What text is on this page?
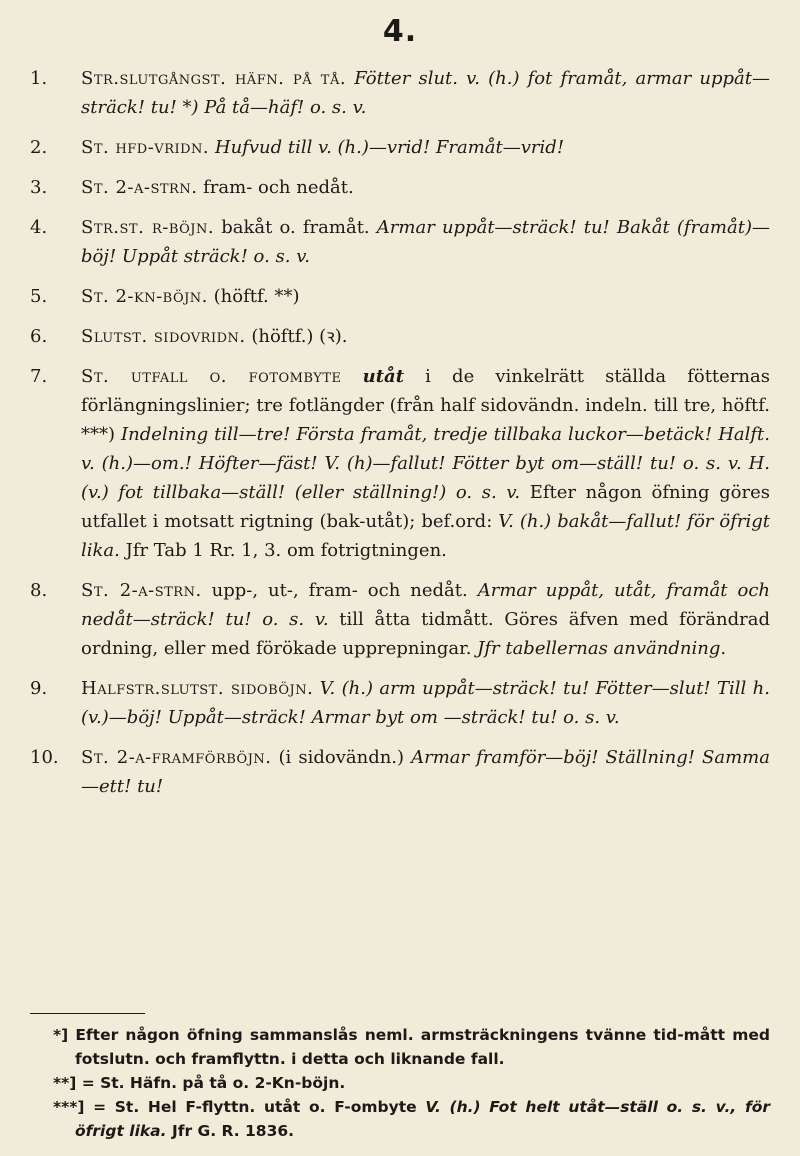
4.
1. Str.slutgångst. häfn. på tå. Fötter slut. v. (h.) fot framåt, armar uppåt—sträck! tu! *) På tå—häf! o. s. v.
2. St. hfd-vridn. Hufvud till v. (h.)—vrid! Framåt—vrid!
3. St. 2-a-strn. fram- och nedåt.
4. Str.st. r-böjn. bakåt o. framåt. Armar uppåt—sträck! tu! Bakåt (framåt)—böj! Uppåt sträck! o. s. v.
5. St. 2-kn-böjn. (höftf. **)
6. Slutst. sidovridn. (höftf.) (ꝛ).
7. St. utfall o. fotombyte utåt i de vinkelrätt ställda fötternas förlängningslinier; tre fotlängder (från half sidovändn. indeln. till tre, höftf. ***) Indelning till—tre! Första framåt, tredje tillbaka luckor—betäck! Halft. v. (h.)—om.! Höfter—fäst! V. (h)—fallut! Fötter byt om—ställ! tu! o. s. v. H. (v.) fot tillbaka—ställ! (eller ställning!) o. s. v. Efter någon öfning göres utfallet i motsatt rigtning (bak-utåt); bef.ord: V. (h.) bakåt—fallut! för öfrigt lika. Jfr Tab 1 Rr. 1, 3. om fotrigtningen.
8. St. 2-a-strn. upp-, ut-, fram- och nedåt. Armar uppåt, utåt, framåt och nedåt—sträck! tu! o. s. v. till åtta tidmått. Göres äfven med förändrad ordning, eller med förökade upprepningar. Jfr tabellernas användning.
9. Halfstr.slutst. sidoböjn. V. (h.) arm uppåt—sträck! tu! Fötter—slut! Till h. (v.)—böj! Uppåt—sträck! Armar byt om —sträck! tu! o. s. v.
10. St. 2-a-framförböjn. (i sidovändn.) Armar framför—böj! Ställning! Samma—ett! tu!
*] Efter någon öfning sammanslås neml. armsträckningens tvänne tid-mått med fotslutn. och framflyttn. i detta och liknande fall.
**] = St. Häfn. på tå o. 2-Kn-böjn.
***] = St. Hel F-flyttn. utåt o. F-ombyte V. (h.) Fot helt utåt—ställ o. s. v., för öfrigt lika. Jfr G. R. 1836.
